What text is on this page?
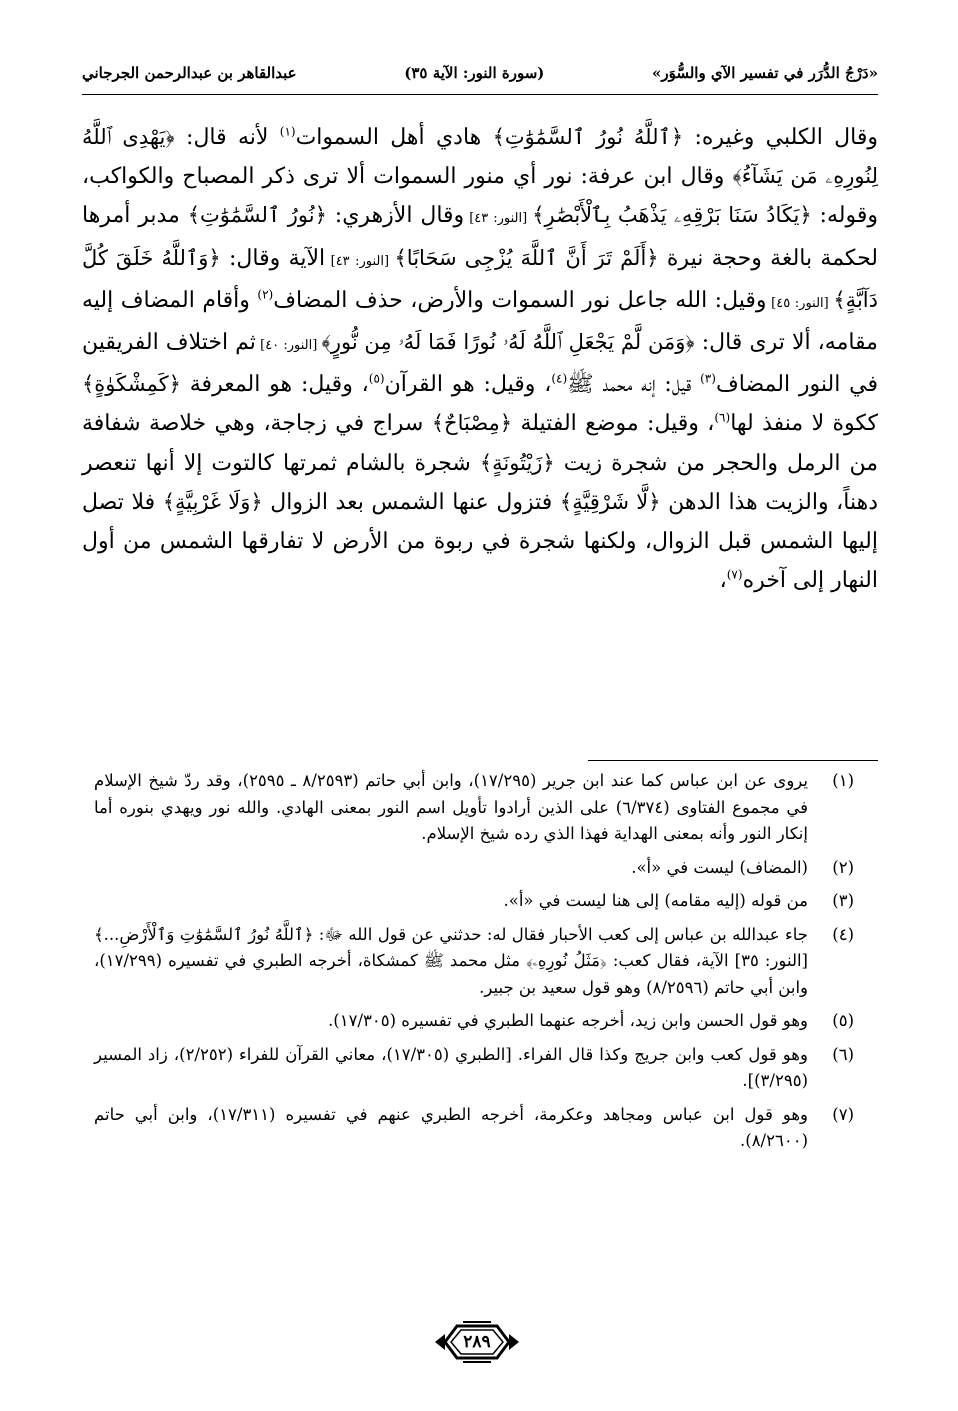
«دَرْجُ الدُّرَر في تفسير الآي والسُّوَر»
(سورة النور: الآية ٣٥)
عبدالقاهر بن عبدالرحمن الجرجاني

وقال الكلبي وغيره: ﴿ٱللَّهُ نُورُ ٱلسَّمَٰوَٰتِ﴾ هادي أهل السموات$^{(١)}$ لأنه قال: ﴿يَهْدِى ٱللَّهُ لِنُورِهِۦ مَن يَشَآءُ﴾ وقال ابن عرفة: نور أي منور السموات ألا ترى ذكر المصباح والكواكب، وقوله: ﴿يَكَادُ سَنَا بَرْقِهِۦ يَذْهَبُ بِٱلْأَبْصَٰرِ﴾ [النور: ٤٣] وقال الأزهري: ﴿نُورُ ٱلسَّمَٰوَٰتِ﴾ مدبر أمرها لحكمة بالغة وحجة نيرة ﴿أَلَمْ تَرَ أَنَّ ٱللَّهَ يُزْجِى سَحَابًا﴾ [النور: ٤٣] الآية وقال: ﴿وَٱللَّهُ خَلَقَ كُلَّ دَآبَّةٍ﴾ [النور: ٤٥] وقيل: الله جاعل نور السموات والأرض، حذف المضاف$^{(٢)}$ وأقام المضاف إليه مقامه، ألا ترى قال: ﴿وَمَن لَّمْ يَجْعَلِ ٱللَّهُ لَهُۥ نُورًا فَمَا لَهُۥ مِن نُّورٍ﴾ [النور: ٤٠] ثم اختلاف الفريقين في النور المضاف$^{(٣)}$ قيل: إنه محمد ﷺ$^{(٤)}$، وقيل: هو القرآن$^{(٥)}$، وقيل: هو المعرفة ﴿كَمِشْكَوٰةٍ﴾ ككوة لا منفذ لها$^{(٦)}$، وقيل: موضع الفتيلة ﴿مِصْبَاحٌ﴾ سراج في زجاجة، وهي خلاصة شفافة من الرمل والحجر من شجرة زيت ﴿زَيْتُونَةٍ﴾ شجرة بالشام ثمرتها كالتوت إلا أنها تنعصر دهناً، والزيت هذا الدهن ﴿لَّا شَرْقِيَّةٍ﴾ فتزول عنها الشمس بعد الزوال ﴿وَلَا غَرْبِيَّةٍ﴾ فلا تصل إليها الشمس قبل الزوال، ولكنها شجرة في ربوة من الأرض لا تفارقها الشمس من أول النهار إلى آخره$^{(٧)}$،

(١)
يروى عن ابن عباس كما عند ابن جرير (١٧/٢٩٥)، وابن أبي حاتم (٨/٢٥٩٣ ـ ٢٥٩٥)، وقد ردّ شيخ الإسلام في مجموع الفتاوى (٦/٣٧٤) على الذين أرادوا تأويل اسم النور بمعنى الهادي. والله نور ويهدي بنوره أما إنكار النور وأنه بمعنى الهداية فهذا الذي رده شيخ الإسلام.
(٢)
(المضاف) ليست في «أ».
(٣)
من قوله (إليه مقامه) إلى هنا ليست في «أ».
(٤)
جاء عبدالله بن عباس إلى كعب الأحبار فقال له: حدثني عن قول الله ﷻ: ﴿ٱللَّهُ نُورُ ٱلسَّمَٰوَٰتِ وَٱلْأَرْضِ...﴾ [النور: ٣٥] الآية، فقال كعب: ﴿مَثَلُ نُورِهِۦ﴾ مثل محمد ﷺ كمشكاة، أخرجه الطبري في تفسيره (١٧/٢٩٩)، وابن أبي حاتم (٨/٢٥٩٦) وهو قول سعيد بن جبير.
(٥)
وهو قول الحسن وابن زيد، أخرجه عنهما الطبري في تفسيره (١٧/٣٠٥).
(٦)
وهو قول كعب وابن جريج وكذا قال الفراء. [الطبري (١٧/٣٠٥)، معاني القرآن للفراء (٢/٢٥٢)، زاد المسير (٣/٢٩٥)].
(٧)
وهو قول ابن عباس ومجاهد وعكرمة، أخرجه الطبري عنهم في تفسيره (١٧/٣١١)، وابن أبي حاتم (٨/٢٦٠٠).
٢٨٩
